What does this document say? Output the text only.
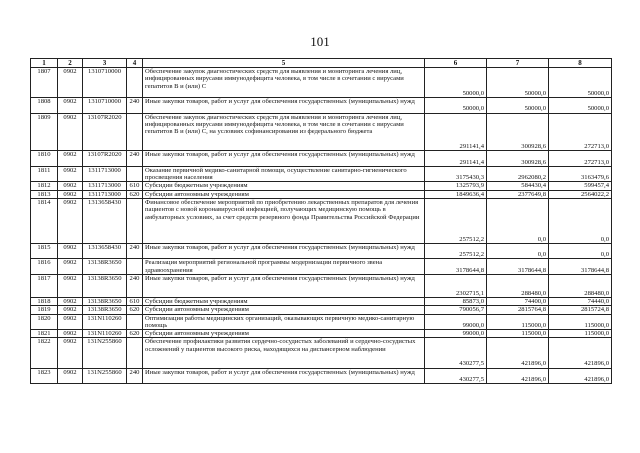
101
1	2	3	4	5	6	7	8
1807	0902	1310710000		Обеспечение закупок диагностических средств для выявления и мониторинга лечения лиц, инфицированных вирусами иммунодефицита человека, в том числе в сочетании с вирусами гепатитов В и (или) С	50000,0	50000,0	50000,0
1808	0902	1310710000	240	Иные закупки товаров, работ и услуг для обеспечения государственных (муниципальных) нужд	50000,0	50000,0	50000,0
1809	0902	13107R2020		Обеспечение закупок диагностических средств для выявления и мониторинга лечения лиц, инфицированных вирусами иммунодефицита человека, в том числе в сочетании с вирусами гепатитов В и (или) С, на условиях софинансирования из федерального бюджета	291141,4	300928,6	272713,0
1810	0902	13107R2020	240	Иные закупки товаров, работ и услуг для обеспечения государственных (муниципальных) нужд	291141,4	300928,6	272713,0
1811	0902	1311713000		Оказание первичной медико-санитарной помощи, осуществление санитарно-гигиенического просвещения населения	3175430,3	2962080,2	3163479,6
1812	0902	1311713000	610	Субсидии бюджетным учреждениям	1325793,9	584430,4	599457,4
1813	0902	1311713000	620	Субсидии автономным учреждениям	1849636,4	2377649,8	2564022,2
1814	0902	1313658430		Финансовое обеспечение мероприятий по приобретению лекарственных препаратов для лечения пациентов с новой коронавирусной инфекцией, получающих медицинскую помощь в амбулаторных условиях, за счет средств резервного фонда Правительства Российской Федерации	257512,2	0,0	0,0
1815	0902	1313658430	240	Иные закупки товаров, работ и услуг для обеспечения государственных (муниципальных) нужд	257512,2	0,0	0,0
1816	0902	13138R3650		Реализация мероприятий региональной программы модернизации первичного звена здравоохранения	3178644,8	3178644,8	3178644,8
1817	0902	13138R3650	240	Иные закупки товаров, работ и услуг для обеспечения государственных (муниципальных) нужд	2302715,1	288480,0	288480,0
1818	0902	13138R3650	610	Субсидии бюджетным учреждениям	85873,0	74400,0	74440,0
1819	0902	13138R3650	620	Субсидии автономным учреждениям	790056,7	2815764,8	2815724,8
1820	0902	131N110260		Оптимизация работы медицинских организаций, оказывающих первичную медико-санитарную помощь	99000,0	115000,0	115000,0
1821	0902	131N110260	620	Субсидии автономным учреждениям	99000,0	115000,0	115000,0
1822	0902	131N255860		Обеспечение профилактики развития сердечно-сосудистых заболеваний и сердечно-сосудистых осложнений у пациентов высокого риска, находящихся на диспансерном наблюдении	430277,5	421896,0	421896,0
1823	0902	131N255860	240	Иные закупки товаров, работ и услуг для обеспечения государственных (муниципальных) нужд	430277,5	421896,0	421896,0
